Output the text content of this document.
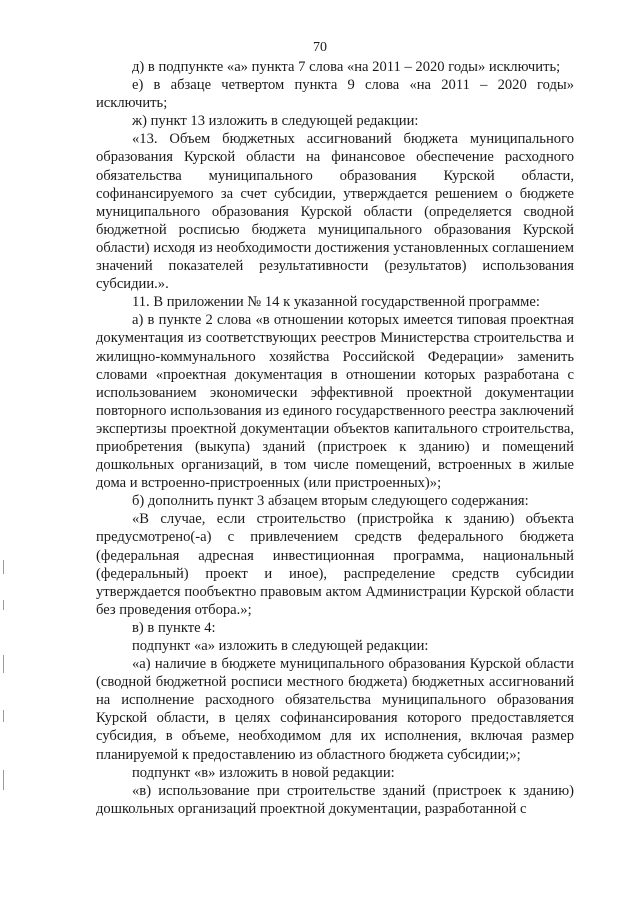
70

д) в подпункте «а» пункта 7 слова «на 2011 – 2020 годы» исключить;

е) в абзаце четвертом пункта 9 слова «на 2011 – 2020 годы» исключить;

ж) пункт 13 изложить в следующей редакции:

«13. Объем бюджетных ассигнований бюджета муниципального образования Курской области на финансовое обеспечение расходного обязательства муниципального образования Курской области, софинансируемого за счет субсидии, утверждается решением о бюджете муниципального образования Курской области (определяется сводной бюджетной росписью бюджета муниципального образования Курской области) исходя из необходимости достижения установленных соглашением значений показателей результативности (результатов) использования субсидии.».

11. В приложении № 14 к указанной государственной программе:

а) в пункте 2 слова «в отношении которых имеется типовая проектная документация из соответствующих реестров Министерства строительства и жилищно-коммунального хозяйства Российской Федерации» заменить словами «проектная документация в отношении которых разработана с использованием экономически эффективной проектной документации повторного использования из единого государственного реестра заключений экспертизы проектной документации объектов капитального строительства, приобретения (выкупа) зданий (пристроек к зданию) и помещений дошкольных организаций, в том числе помещений, встроенных в жилые дома и встроенно-пристроенных (или пристроенных)»;

б) дополнить пункт 3 абзацем вторым следующего содержания:

«В случае, если строительство (пристройка к зданию) объекта предусмотрено(-а) с привлечением средств федерального бюджета (федеральная адресная инвестиционная программа, национальный (федеральный) проект и иное), распределение средств субсидии утверждается пообъектно правовым актом Администрации Курской области без проведения отбора.»;

в) в пункте 4:

подпункт «а» изложить в следующей редакции:

«а) наличие в бюджете муниципального образования Курской области (сводной бюджетной росписи местного бюджета) бюджетных ассигнований на исполнение расходного обязательства муниципального образования Курской области, в целях софинансирования которого предоставляется субсидия, в объеме, необходимом для их исполнения, включая размер планируемой к предоставлению из областного бюджета субсидии;»;

подпункт «в» изложить в новой редакции:

«в) использование при строительстве зданий (пристроек к зданию) дошкольных организаций проектной документации, разработанной с
